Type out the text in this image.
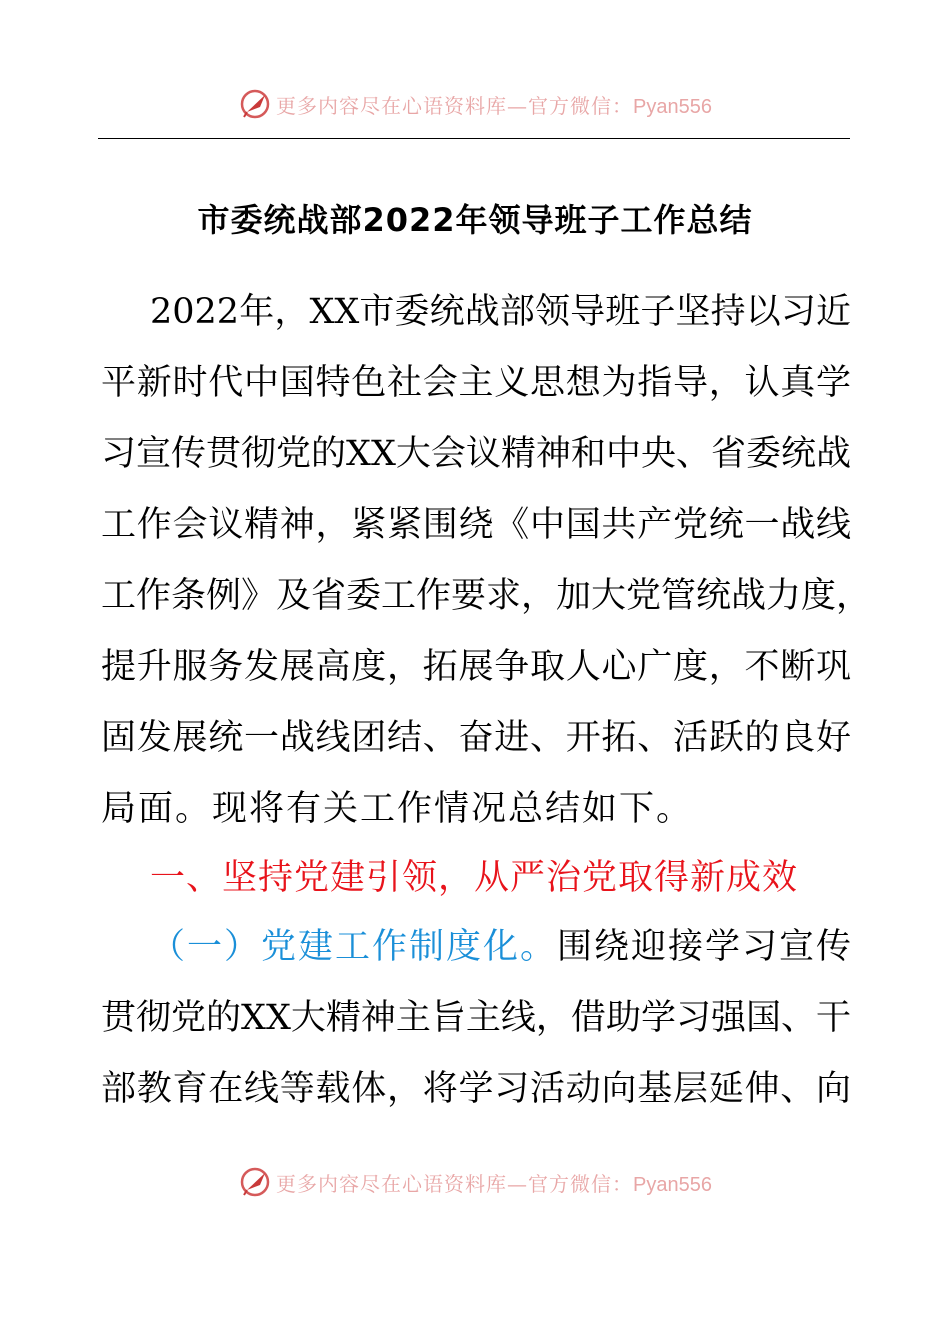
更多内容尽在心语资料库—官方微信：Pyan556
市委统战部2022年领导班子工作总结
2022年，XX市委统战部领导班子坚持以习近
平新时代中国特色社会主义思想为指导，认真学
习宣传贯彻党的XX大会议精神和中央、省委统战
工作会议精神，紧紧围绕《中国共产党统一战线
工作条例》及省委工作要求，加大党管统战力度，
提升服务发展高度，拓展争取人心广度，不断巩
固发展统一战线团结、奋进、开拓、活跃的良好
局面。现将有关工作情况总结如下。
一、坚持党建引领，从严治党取得新成效
（一）党建工作制度化。围绕迎接学习宣传
贯彻党的XX大精神主旨主线，借助学习强国、干
部教育在线等载体，将学习活动向基层延伸、向
更多内容尽在心语资料库—官方微信：Pyan556
